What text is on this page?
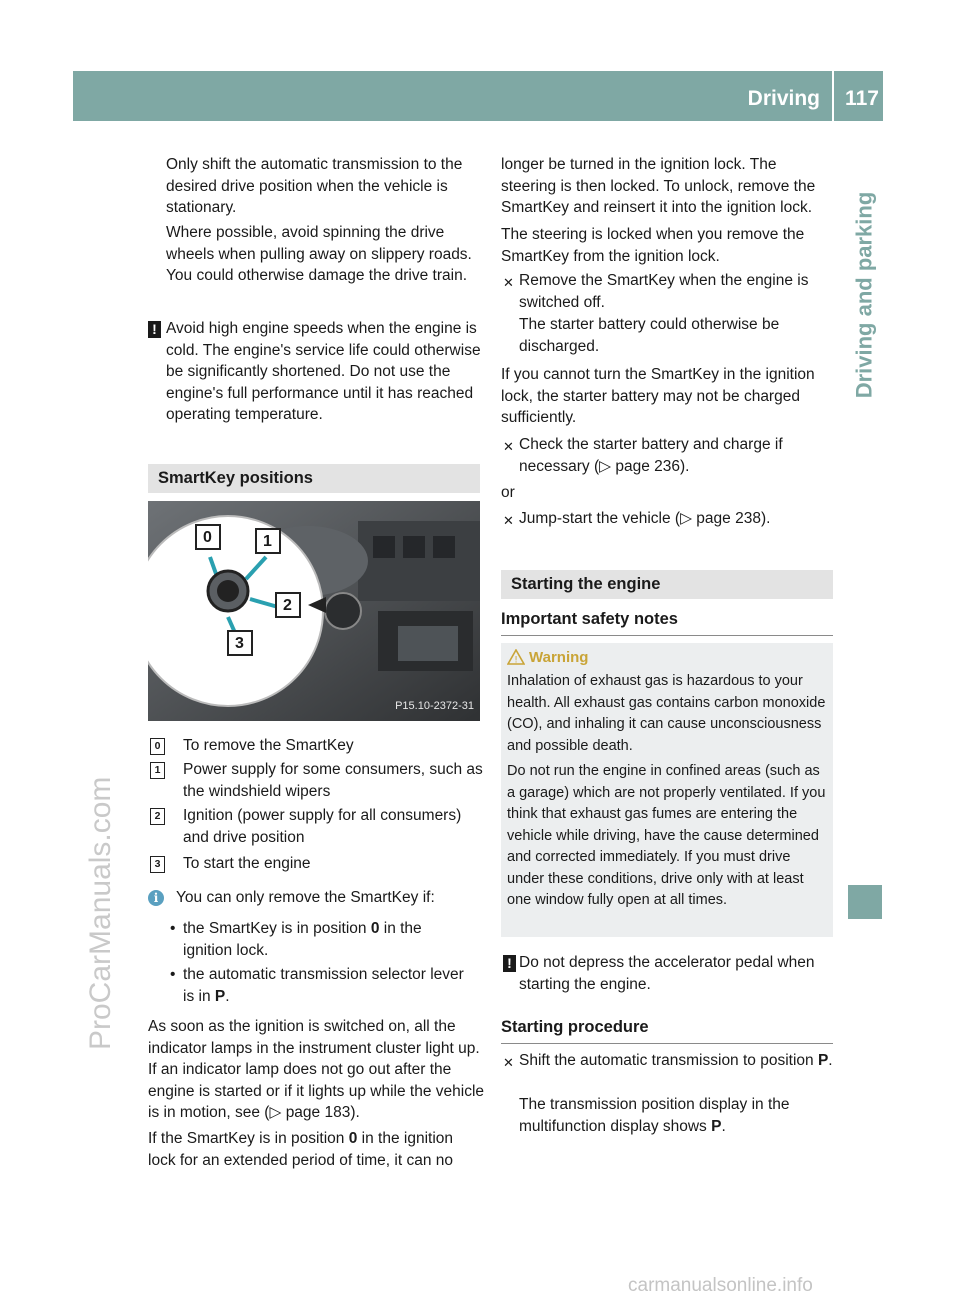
Driving 117
Driving and parking
ProCarManuals.com
carmanualsonline.info

Only shift the automatic transmission to the desired drive position when the vehicle is stationary.

Where possible, avoid spinning the drive wheels when pulling away on slippery roads. You could otherwise damage the drive train.

! Avoid high engine speeds when the engine is cold. The engine's service life could otherwise be significantly shortened. Do not use the engine's full performance until it has reached operating temperature.

SmartKey positions
0	1
2
3
P15.10-2372-31
0 To remove the SmartKey

1 Power supply for some consumers, such as the windshield wipers

2 Ignition (power supply for all consumers) and drive position

3 To start the engine

i	You can only remove the SmartKey if:

• the SmartKey is in position 0 in the ignition lock.

• the automatic transmission selector lever is in P.

As soon as the ignition is switched on, all the indicator lamps in the instrument cluster light up. If an indicator lamp does not go out after the engine is started or if it lights up while the vehicle is in motion, see (▷ page 183).

If the SmartKey is in position 0 in the ignition lock for an extended period of time, it can no

longer be turned in the ignition lock. The steering is then locked. To unlock, remove the SmartKey and reinsert it into the ignition lock.

The steering is locked when you remove the SmartKey from the ignition lock.

✕ Remove the SmartKey when the engine is switched off.

The starter battery could otherwise be discharged.

If you cannot turn the SmartKey in the ignition lock, the starter battery may not be charged sufficiently.

✕ Check the starter battery and charge if necessary (▷ page 236).

or

✕ Jump-start the vehicle (▷ page 238).

Starting the engine
Important safety notes
! Warning

Inhalation of exhaust gas is hazardous to your health. All exhaust gas contains carbon monoxide (CO), and inhaling it can cause unconsciousness and possible death.

Do not run the engine in confined areas (such as a garage) which are not properly ventilated. If you think that exhaust gas fumes are entering the vehicle while driving, have the cause determined and corrected immediately. If you must drive under these conditions, drive only with at least one window fully open at all times.

! Do not depress the accelerator pedal when starting the engine.

Starting procedure
✕ Shift the automatic transmission to position P.

The transmission position display in the multifunction display shows P.
